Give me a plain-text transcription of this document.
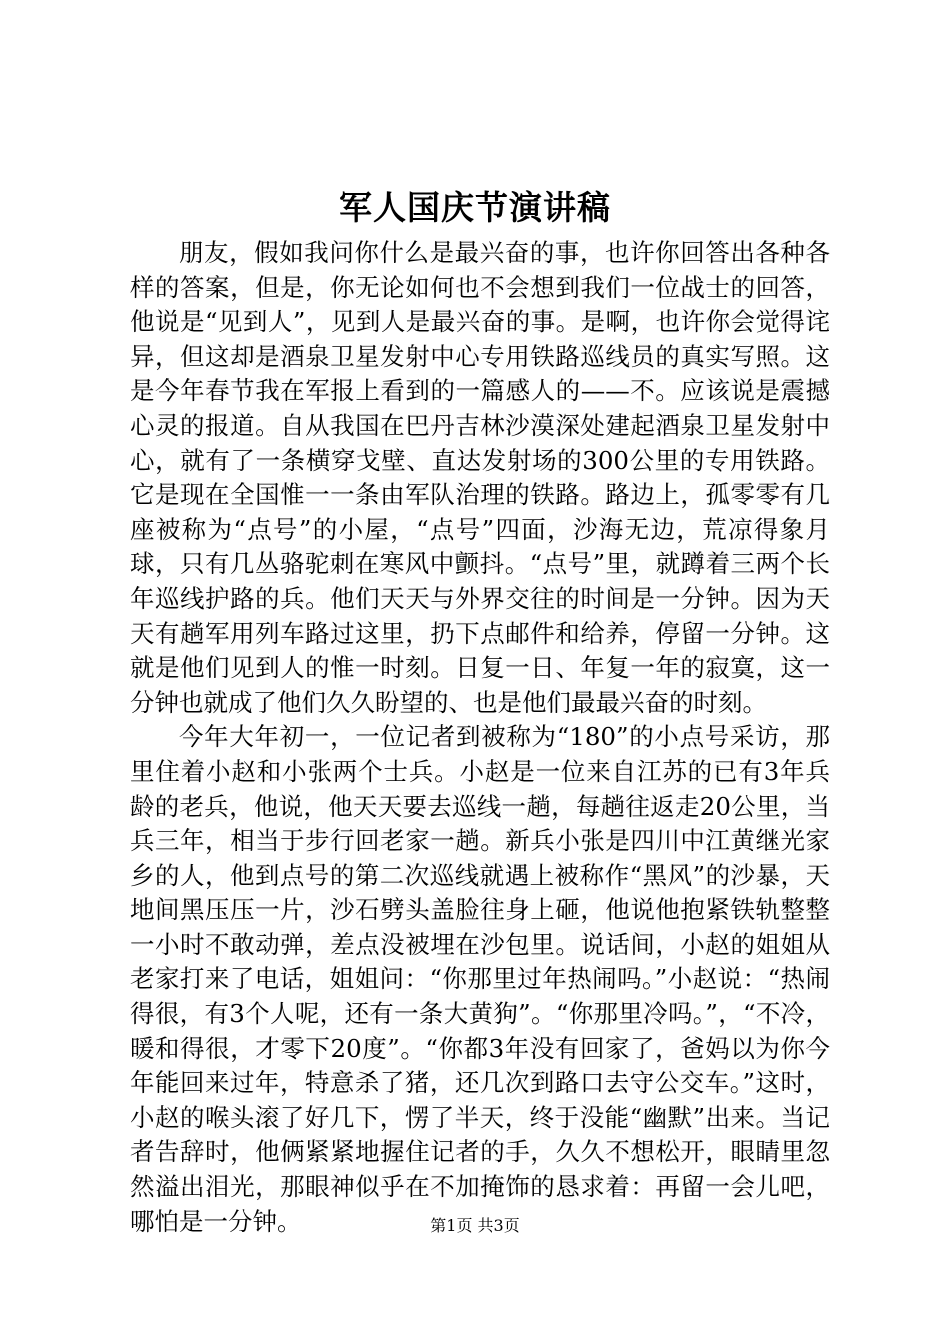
军人国庆节演讲稿

朋友，假如我问你什么是最兴奋的事，也许你回答出各种各样的答案，但是，你无论如何也不会想到我们一位战士的回答，他说是“见到人”，见到人是最兴奋的事。是啊，也许你会觉得诧异，但这却是酒泉卫星发射中心专用铁路巡线员的真实写照。这是今年春节我在军报上看到的一篇感人的——不。应该说是震撼心灵的报道。自从我国在巴丹吉林沙漠深处建起酒泉卫星发射中心，就有了一条横穿戈壁、直达发射场的300公里的专用铁路。它是现在全国惟一一条由军队治理的铁路。路边上，孤零零有几座被称为“点号”的小屋，“点号”四面，沙海无边，荒凉得象月球，只有几丛骆驼刺在寒风中颤抖。“点号”里，就蹲着三两个长年巡线护路的兵。他们天天与外界交往的时间是一分钟。因为天天有趟军用列车路过这里，扔下点邮件和给养，停留一分钟。这就是他们见到人的惟一时刻。日复一日、年复一年的寂寞，这一分钟也就成了他们久久盼望的、也是他们最最兴奋的时刻。

今年大年初一，一位记者到被称为“180”的小点号采访，那里住着小赵和小张两个士兵。小赵是一位来自江苏的已有3年兵龄的老兵，他说，他天天要去巡线一趟，每趟往返走20公里，当兵三年，相当于步行回老家一趟。新兵小张是四川中江黄继光家乡的人，他到点号的第二次巡线就遇上被称作“黑风”的沙暴，天地间黑压压一片，沙石劈头盖脸往身上砸，他说他抱紧铁轨整整一小时不敢动弹，差点没被埋在沙包里。说话间，小赵的姐姐从老家打来了电话，姐姐问：“你那里过年热闹吗。”小赵说：“热闹得很，有3个人呢，还有一条大黄狗”。“你那里冷吗。”，“不冷，暖和得很，才零下20度”。“你都3年没有回家了，爸妈以为你今年能回来过年，特意杀了猪，还几次到路口去守公交车。”这时，小赵的喉头滚了好几下，愣了半天，终于没能“幽默”出来。当记者告辞时，他俩紧紧地握住记者的手，久久不想松开，眼睛里忽然溢出泪光，那眼神似乎在不加掩饰的恳求着：再留一会儿吧，哪怕是一分钟。	第1页 共3页
